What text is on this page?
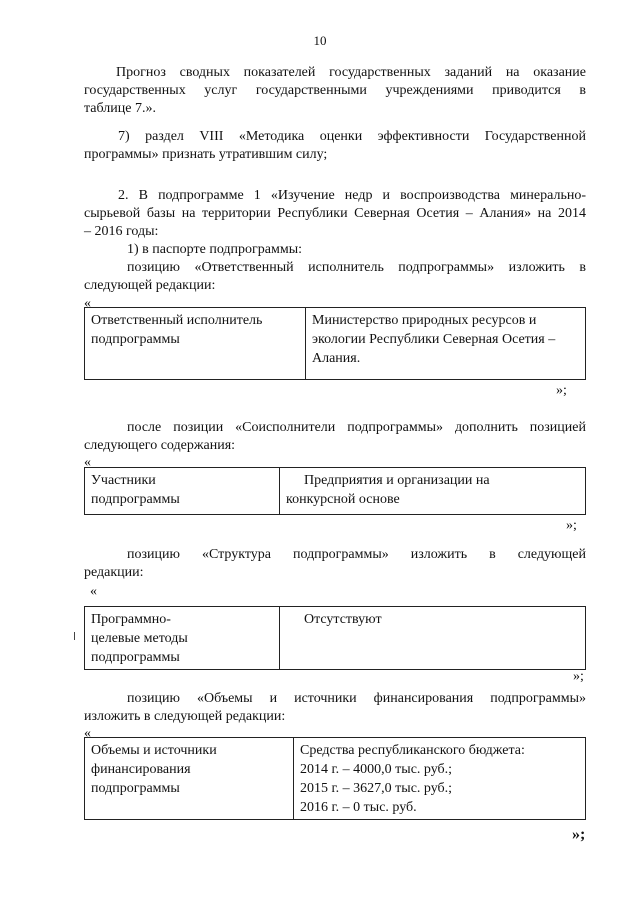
10
Прогноз сводных показателей государственных заданий на оказание
государственных услуг государственными учреждениями приводится в
таблице 7.».
7) раздел VIII «Методика оценки эффективности Государственной
программы» признать утратившим силу;
2. В подпрограмме 1 «Изучение недр и воспроизводства минерально-
сырьевой базы на территории Республики Северная Осетия – Алания» на 2014
– 2016 годы:
1) в паспорте подпрограммы:
позицию «Ответственный исполнитель подпрограммы» изложить в
следующей редакции:
«
Ответственный исполнитель
подпрограммы

Министерство природных ресурсов и
экологии Республики Северная Осетия –
Алания.
»;
после позиции «Соисполнители подпрограммы» дополнить позицией
следующего содержания:
«
Участники
подпрограммы

Предприятия и организации на
конкурсной основе
»;
позицию «Структура подпрограммы» изложить в следующей
редакции:
«
Программно-
целевые методы
подпрограммы

Отсутствуют
»;
позицию «Объемы и источники финансирования подпрограммы»
изложить в следующей редакции:
«
Объемы и источники
финансирования
подпрограммы

Средства республиканского бюджета:
2014 г. – 4000,0 тыс. руб.;
2015 г. – 3627,0 тыс. руб.;
2016 г. – 0 тыс. руб.
»;
